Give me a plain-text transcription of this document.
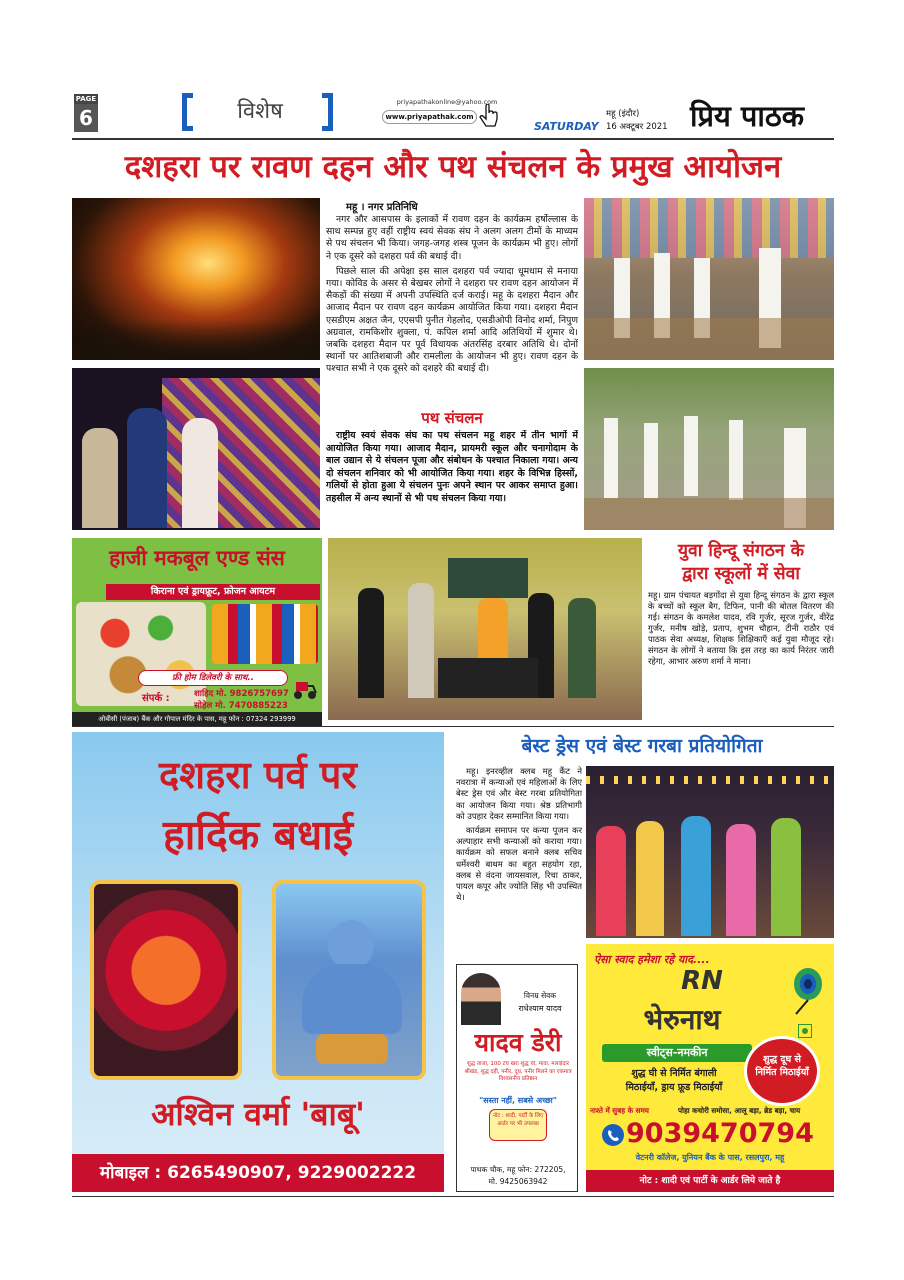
PAGE
6	विशेष	priyapathakonline@yahoo.com
www.priyapathak.com
SATURDAY
महू (इंदौर)
16 अक्टूबर 2021 प्रिय पाठक
दशहरा पर रावण दहन और पथ संचलन के प्रमुख आयोजन
महू । नगर प्रतिनिधि

नगर और आसपास के इलाकों में रावण दहन के कार्यक्रम हर्षोल्लास के साथ सम्पन्न हुए वहीं राष्ट्रीय स्वयं सेवक संघ ने अलग अलग टीमों के माध्यम से पथ संचलन भी किया। जगह-जगह शस्त्र पूजन के कार्यक्रम भी हुए। लोगों ने एक दूसरे को दशहरा पर्व की बधाई दी।

पिछले साल की अपेक्षा इस साल दशहरा पर्व ज्यादा धूमधाम से मनाया गया। कोविड के असर से बेखबर लोगों ने दशहरा पर रावण दहन आयोजन में सैकड़ों की संख्या में अपनी उपस्थिति दर्ज कराई। महू के दशहरा मैदान और आजाद मैदान पर रावण दहन कार्यक्रम आयोजित किया गया। दशहरा मैदान एसडीएम अक्षत जैन, एएसपी पुनीत गेहलोद, एसडीओपी विनोद शर्मा, निपुण अग्रवाल, रामकिशोर शुक्ला, पं. कपिल शर्मा आदि अतिथियों में शुमार थे। जबकि दशहरा मैदान पर पूर्व विधायक अंतरसिंह दरबार अतिथि थे। दोनों स्थानों पर आतिशबाजी और रामलीला के आयोजन भी हुए। रावण दहन के पश्चात सभी ने एक दूसरे को दशहरे की बधाई दी।

पथ संचलन
राष्ट्रीय स्वयं सेवक संघ का पथ संचलन महू शहर में तीन भागों में आयोजित किया गया। आजाद मैदान, प्रायमरी स्कूल और चनागोदाम के बाल उद्यान से ये संचलन पूजा और संबोधन के पश्चात निकाला गया। अन्य दो संचलन शनिवार को भी आयोजित किया गया। शहर के विभिन्न हिस्सों, गलियों से होता हुआ ये संचलन पुनः अपने स्थान पर आकर समाप्त हुआ। तहसील में अन्य स्थानों से भी पथ संचलन किया गया।
हाजी मकबूल एण्ड संस
किराना एवं ड्रायफ्रूट, फ्रोजन आयटम
फ्री होम डिलेवरी के साथ..
संपर्क :	शाहिद मो. 9826757697
सोहेल मो. 7470885223
ओबीसी (पंजाब) बैंक और गोपाल मंदिर के पास, महू फोन : 07324 293999
युवा हिन्दू संगठन के
द्वारा स्कूलों में सेवा
महू। ग्राम पंचायत बड़गोंदा से युवा हिन्दू संगठन के द्वारा स्कूल के बच्चों को स्कूल बैग, टिफिन, पानी की बोतल वितरण की गई। संगठन के कमलेश यादव, रवि गुर्जर, सूरज गुर्जर, वीरेंद्र गुर्जर, मनीष खोड़े, प्रताप, शुभम चौहान, टीनी राठौर एवं पाठक सेवा अध्यक्ष, शिक्षक शिक्षिकाएँ कई युवा मौजूद रहे। संगठन के लोगों ने बताया कि इस तरह का कार्य निरंतर जारी रहेगा, आभार अरुण शर्मा ने माना।
दशहरा पर्व पर
हार्दिक बधाई
अश्विन वर्मा 'बाबू'
मोबाइल : 6265490907, 9229002222
बेस्ट ड्रेस एवं बेस्ट गरबा प्रतियोगिता

महू। इनरव्हील क्लब महू कैंट ने नवरात्रा में कन्याओं एवं महिलाओं के लिए बेस्ट ड्रेस एवं और बेस्ट गरबा प्रतियोगिता का आयोजन किया गया। श्रेष्ठ प्रतिभागी को उपहार देकर सम्मानित किया गया।

कार्यक्रम समापन पर कन्या पूजन कर अल्पाहार सभी कन्याओं को कराया गया। कार्यक्रम को सफल बनाने क्लब सचिव धर्मेश्वरी बाथम का बहुत सहयोग रहा, क्लब से वंदना जायसवाल, रिचा ठाकर, पायल कपूर और ज्योति सिंह भी उपस्थित थे।

विनम्र सेवक
राधेश्याम यादव
यादव डेरी
शुद्ध ताजा, 100 टंच खरा शुद्ध घी, मावा, मलाईदार श्रीखंड, शुद्ध दही, पनीर, दूध, पनीर मिलने का एकमात्र विश्वसनीय प्रतिष्ठान
"सस्ता नहीं, सबसे अच्छा"
नोट : शादी, पार्टी के लिए आर्डर पर भी उपलब्ध
पाथक चौक, महू फोन: 272205,
मो. 9425063942
ऐसा स्वाद हमेशा रहे याद....
RN
भेरुनाथ
स्वीट्स-नमकीन
शुद्ध घी से निर्मित बंगाली
मिठाईयाँ, ड्राय फ्रूड मिठाईयाँ
शुद्ध दूध से निर्मित मिठाईयाँ
नाश्ते में सुबह के समय	पोहा कचोरी समोसा, आलू बड़ा, ब्रेड बड़ा, चाय
9039470794
वेटनरी कॉलेज, युनियन बैंक के पास, रसलपुरा, महू
नोट : शादी एवं पार्टी के आर्डर लिये जाते है
